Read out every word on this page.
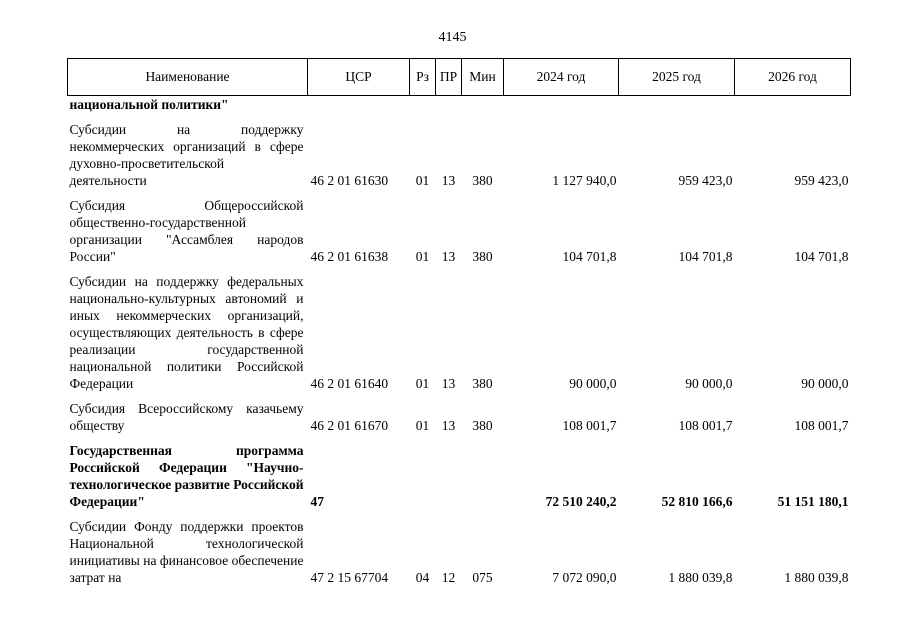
4145
Наименование	ЦСР	Рз	ПР	Мин	2024 год	2025 год	2026 год
национальной политики"							

Субсидии на поддержку некоммерческих организаций в сфере духовно-просветительской деятельности	46 2 01 61630	01	13	380	1 127 940,0	959 423,0	959 423,0

Субсидия Общероссийской общественно-государственной организации "Ассамблея народов России"	46 2 01 61638	01	13	380	104 701,8	104 701,8	104 701,8

Субсидии на поддержку федеральных национально-культурных автономий и иных некоммерческих организаций, осуществляющих деятельность в сфере реализации государственной национальной политики Российской Федерации	46 2 01 61640	01	13	380	90 000,0	90 000,0	90 000,0

Субсидия Всероссийскому казачьему обществу	46 2 01 61670	01	13	380	108 001,7	108 001,7	108 001,7

Государственная программа Российской Федерации "Научно-технологическое развитие Российской Федерации"	47				72 510 240,2	52 810 166,6	51 151 180,1

Субсидии Фонду поддержки проектов Национальной технологической инициативы на финансовое обеспечение затрат на	47 2 15 67704	04	12	075	7 072 090,0	1 880 039,8	1 880 039,8
